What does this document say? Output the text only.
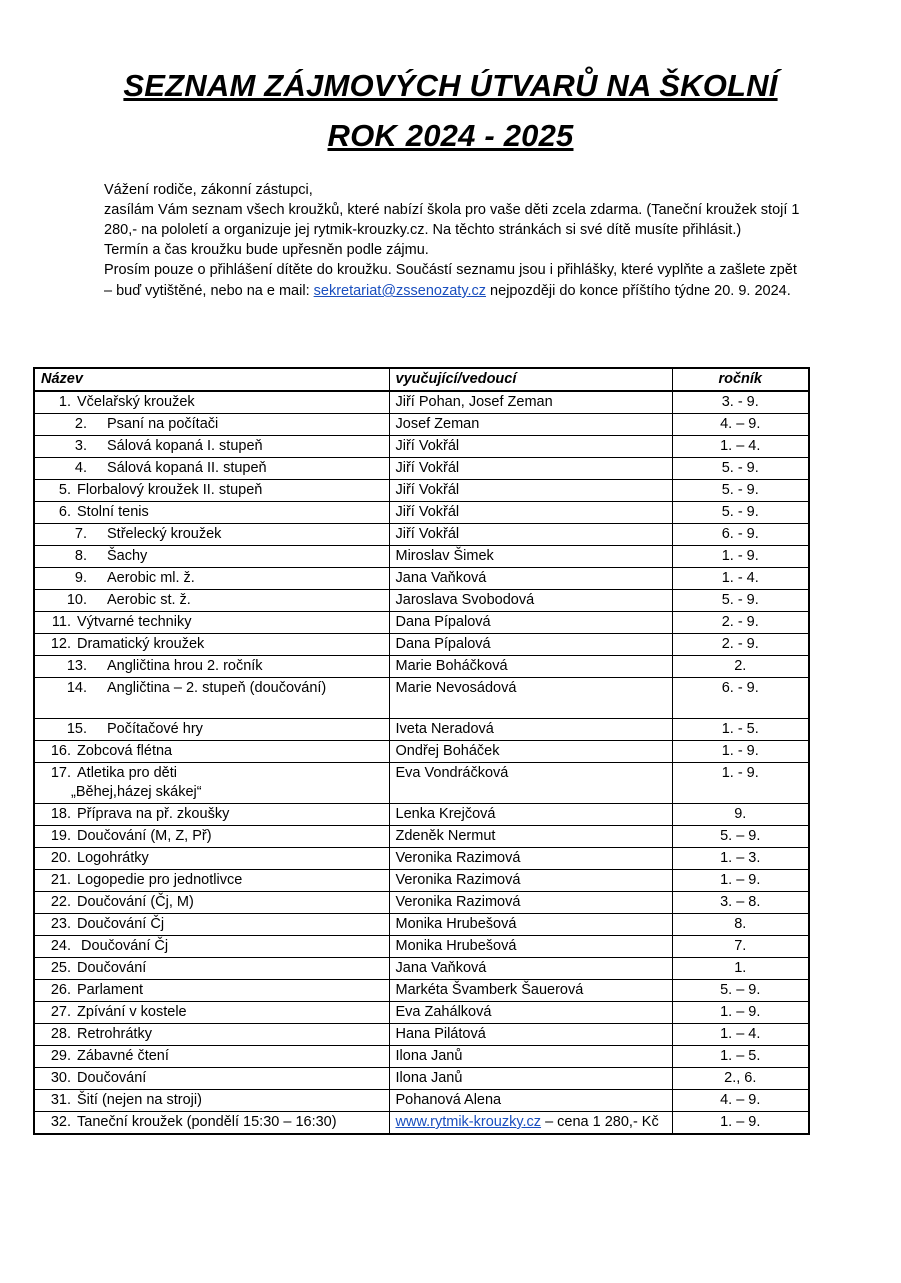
SEZNAM ZÁJMOVÝCH ÚTVARŮ NA ŠKOLNÍ
ROK 2024 - 2025

Vážení rodiče, zákonní zástupci,

zasílám Vám seznam všech kroužků, které nabízí škola pro vaše děti zcela zdarma. (Taneční kroužek stojí 1 280,- na pololetí a organizuje jej rytmik-krouzky.cz. Na těchto stránkách si své dítě musíte přihlásit.)

Termín a čas kroužku bude upřesněn podle zájmu.

Prosím pouze o přihlášení dítěte do kroužku. Součástí seznamu jsou i přihlášky, které vyplňte a zašlete zpět – buď vytištěné, nebo na e mail: sekretariat@zssenozaty.cz nejpozději do konce příštího týdne 20. 9. 2024.

Název	vyučující/vedoucí	ročník
1. Včelařský kroužek	Jiří Pohan, Josef Zeman	3. - 9.
2. Psaní na počítači	Josef Zeman	4. – 9.
3. Sálová kopaná I. stupeň	Jiří Vokřál	1. – 4.
4. Sálová kopaná II. stupeň	Jiří Vokřál	5. - 9.
5. Florbalový kroužek II. stupeň	Jiří Vokřál	5. - 9.
6. Stolní tenis	Jiří Vokřál	5. - 9.
7. Střelecký kroužek	Jiří Vokřál	6. - 9.
8. Šachy	Miroslav Šimek	1. - 9.
9. Aerobic ml. ž.	Jana Vaňková	1. - 4.
10. Aerobic st. ž.	Jaroslava Svobodová	5. - 9.
11. Výtvarné techniky	Dana Pípalová	2. - 9.
12. Dramatický kroužek	Dana Pípalová	2. - 9.
13. Angličtina hrou 2. ročník	Marie Boháčková	2.
14. Angličtina – 2. stupeň (doučování)	Marie Nevosádová	6. - 9.
15. Počítačové hry	Iveta Neradová	1. - 5.
16. Zobcová flétna	Ondřej Boháček	1. - 9.
17. Atletika pro děti
„Běhej,házej skákej“	Eva Vondráčková	1. - 9.
18. Příprava na př. zkoušky	Lenka Krejčová	9.
19. Doučování (M, Z, Př)	Zdeněk Nermut	5. – 9.
20. Logohrátky	Veronika Razimová	1. – 3.
21. Logopedie pro jednotlivce	Veronika Razimová	1. – 9.
22. Doučování (Čj, M)	Veronika Razimová	3. – 8.
23. Doučování Čj	Monika Hrubešová	8.
24. Doučování Čj	Monika Hrubešová	7.
25. Doučování	Jana Vaňková	1.
26. Parlament	Markéta Švamberk Šauerová	5. – 9.
27. Zpívání v kostele	Eva Zahálková	1. – 9.
28. Retrohrátky	Hana Pilátová	1. – 4.
29. Zábavné čtení	Ilona Janů	1. – 5.
30. Doučování	Ilona Janů	2., 6.
31. Šití (nejen na stroji)	Pohanová Alena	4. – 9.
32. Taneční kroužek (pondělí 15:30 – 16:30)	www.rytmik-krouzky.cz – cena 1 280,- Kč	1. – 9.
